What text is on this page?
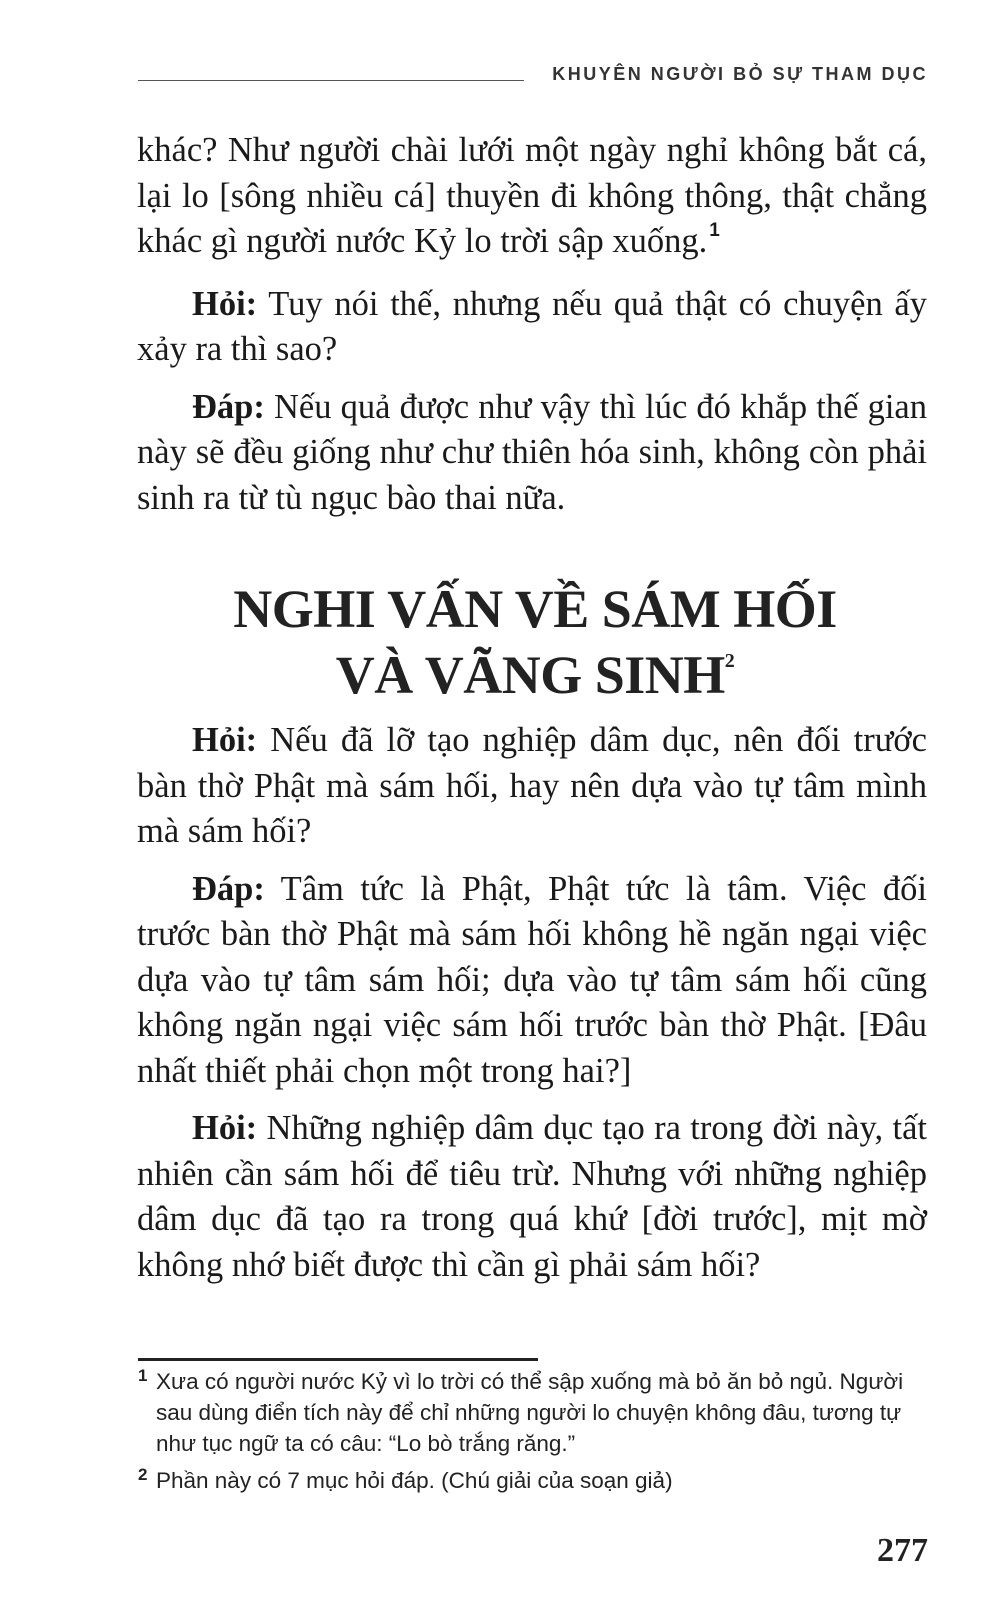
KHUYÊN NGƯỜI BỎ SỰ THAM DỤC

khác? Như người chài lưới một ngày nghỉ không bắt cá, lại lo [sông nhiều cá] thuyền đi không thông, thật chẳng khác gì người nước Kỷ lo trời sập xuống. $^1$

Hỏi: Tuy nói thế, nhưng nếu quả thật có chuyện ấy xảy ra thì sao?

Đáp: Nếu quả được như vậy thì lúc đó khắp thế gian này sẽ đều giống như chư thiên hóa sinh, không còn phải sinh ra từ tù ngục bào thai nữa.

NGHI VẤN VỀ SÁM HỐI
VÀ VÃNG SINH$^2$

Hỏi: Nếu đã lỡ tạo nghiệp dâm dục, nên đối trước bàn thờ Phật mà sám hối, hay nên dựa vào tự tâm mình mà sám hối?

Đáp: Tâm tức là Phật, Phật tức là tâm. Việc đối trước bàn thờ Phật mà sám hối không hề ngăn ngại việc dựa vào tự tâm sám hối; dựa vào tự tâm sám hối cũng không ngăn ngại việc sám hối trước bàn thờ Phật. [Đâu nhất thiết phải chọn một trong hai?]

Hỏi: Những nghiệp dâm dục tạo ra trong đời này, tất nhiên cần sám hối để tiêu trừ. Nhưng với những nghiệp dâm dục đã tạo ra trong quá khứ [đời trước], mịt mờ không nhớ biết được thì cần gì phải sám hối?

1 Xưa có người nước Kỷ vì lo trời có thể sập xuống mà bỏ ăn bỏ ngủ. Người sau dùng điển tích này để chỉ những người lo chuyện không đâu, tương tự như tục ngữ ta có câu: “Lo bò trắng răng.”
2 Phần này có 7 mục hỏi đáp. (Chú giải của soạn giả)
277
